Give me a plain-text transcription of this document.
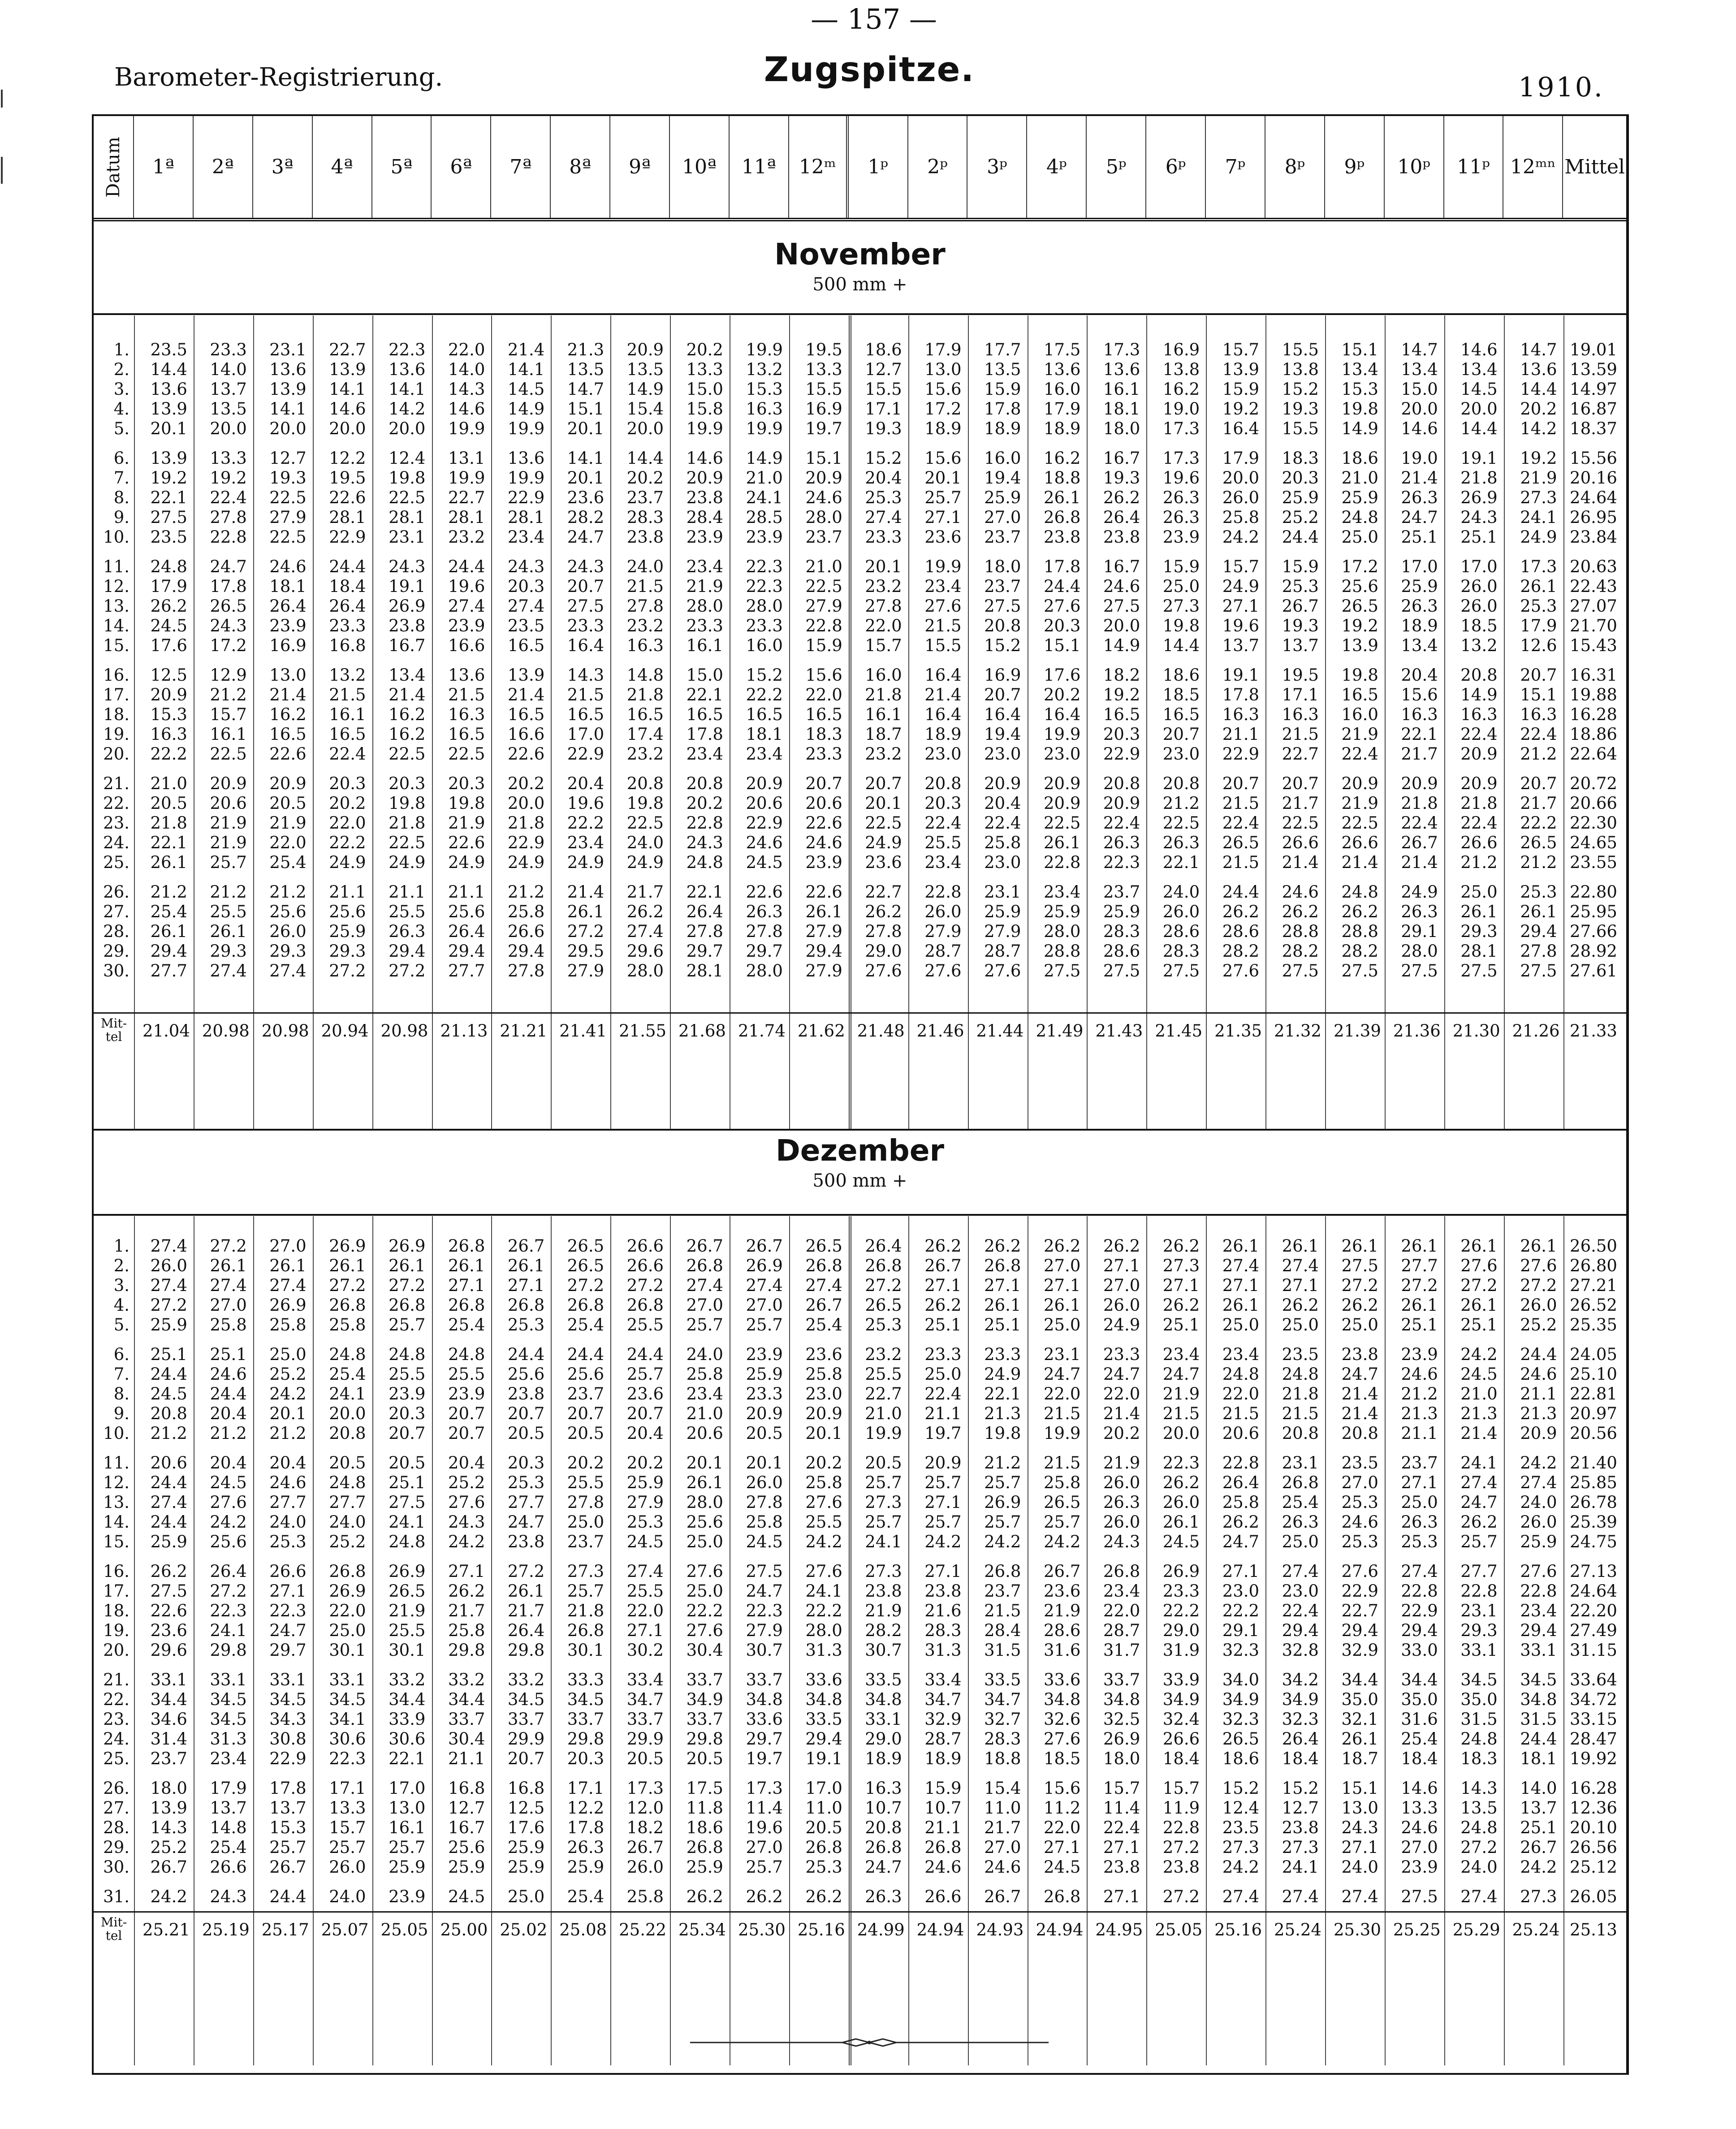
— 157 —
Barometer-Registrierung.	Zugspitze.	1910.
Datum	1ª	2ª	3ª	4ª	5ª	6ª	7ª	8ª	9ª	10ª	11ª	12ᵐ	1ᵖ	2ᵖ	3ᵖ	4ᵖ	5ᵖ	6ᵖ	7ᵖ	8ᵖ	9ᵖ	10ᵖ	11ᵖ	12ᵐⁿ Mittel
November
500 mm +
1.	23.5	23.3	23.1	22.7	22.3	22.0	21.4	21.3	20.9	20.2	19.9	19.5	18.6	17.9	17.7	17.5	17.3	16.9	15.7	15.5	15.1	14.7	14.6	14.7 19.01
2.	14.4	14.0	13.6	13.9	13.6	14.0	14.1	13.5	13.5	13.3	13.2	13.3	12.7	13.0	13.5	13.6	13.6	13.8	13.9	13.8	13.4	13.4	13.4	13.6 13.59
3.	13.6	13.7	13.9	14.1	14.1	14.3	14.5	14.7	14.9	15.0	15.3	15.5	15.5	15.6	15.9	16.0	16.1	16.2	15.9	15.2	15.3	15.0	14.5	14.4 14.97
4.	13.9	13.5	14.1	14.6	14.2	14.6	14.9	15.1	15.4	15.8	16.3	16.9	17.1	17.2	17.8	17.9	18.1	19.0	19.2	19.3	19.8	20.0	20.0	20.2 16.87
5.	20.1	20.0	20.0	20.0	20.0	19.9	19.9	20.1	20.0	19.9	19.9	19.7	19.3	18.9	18.9	18.9	18.0	17.3	16.4	15.5	14.9	14.6	14.4	14.2 18.37
6.	13.9	13.3	12.7	12.2	12.4	13.1	13.6	14.1	14.4	14.6	14.9	15.1	15.2	15.6	16.0	16.2	16.7	17.3	17.9	18.3	18.6	19.0	19.1	19.2 15.56
7.	19.2	19.2	19.3	19.5	19.8	19.9	19.9	20.1	20.2	20.9	21.0	20.9	20.4	20.1	19.4	18.8	19.3	19.6	20.0	20.3	21.0	21.4	21.8	21.9 20.16
8.	22.1	22.4	22.5	22.6	22.5	22.7	22.9	23.6	23.7	23.8	24.1	24.6	25.3	25.7	25.9	26.1	26.2	26.3	26.0	25.9	25.9	26.3	26.9	27.3 24.64
9.	27.5	27.8	27.9	28.1	28.1	28.1	28.1	28.2	28.3	28.4	28.5	28.0	27.4	27.1	27.0	26.8	26.4	26.3	25.8	25.2	24.8	24.7	24.3	24.1 26.95
10.	23.5	22.8	22.5	22.9	23.1	23.2	23.4	24.7	23.8	23.9	23.9	23.7	23.3	23.6	23.7	23.8	23.8	23.9	24.2	24.4	25.0	25.1	25.1	24.9 23.84
11.	24.8	24.7	24.6	24.4	24.3	24.4	24.3	24.3	24.0	23.4	22.3	21.0	20.1	19.9	18.0	17.8	16.7	15.9	15.7	15.9	17.2	17.0	17.0	17.3 20.63
12.	17.9	17.8	18.1	18.4	19.1	19.6	20.3	20.7	21.5	21.9	22.3	22.5	23.2	23.4	23.7	24.4	24.6	25.0	24.9	25.3	25.6	25.9	26.0	26.1 22.43
13.	26.2	26.5	26.4	26.4	26.9	27.4	27.4	27.5	27.8	28.0	28.0	27.9	27.8	27.6	27.5	27.6	27.5	27.3	27.1	26.7	26.5	26.3	26.0	25.3 27.07
14.	24.5	24.3	23.9	23.3	23.8	23.9	23.5	23.3	23.2	23.3	23.3	22.8	22.0	21.5	20.8	20.3	20.0	19.8	19.6	19.3	19.2	18.9	18.5	17.9 21.70
15.	17.6	17.2	16.9	16.8	16.7	16.6	16.5	16.4	16.3	16.1	16.0	15.9	15.7	15.5	15.2	15.1	14.9	14.4	13.7	13.7	13.9	13.4	13.2	12.6 15.43
16.	12.5	12.9	13.0	13.2	13.4	13.6	13.9	14.3	14.8	15.0	15.2	15.6	16.0	16.4	16.9	17.6	18.2	18.6	19.1	19.5	19.8	20.4	20.8	20.7 16.31
17.	20.9	21.2	21.4	21.5	21.4	21.5	21.4	21.5	21.8	22.1	22.2	22.0	21.8	21.4	20.7	20.2	19.2	18.5	17.8	17.1	16.5	15.6	14.9	15.1 19.88
18.	15.3	15.7	16.2	16.1	16.2	16.3	16.5	16.5	16.5	16.5	16.5	16.5	16.1	16.4	16.4	16.4	16.5	16.5	16.3	16.3	16.0	16.3	16.3	16.3 16.28
19.	16.3	16.1	16.5	16.5	16.2	16.5	16.6	17.0	17.4	17.8	18.1	18.3	18.7	18.9	19.4	19.9	20.3	20.7	21.1	21.5	21.9	22.1	22.4	22.4 18.86
20.	22.2	22.5	22.6	22.4	22.5	22.5	22.6	22.9	23.2	23.4	23.4	23.3	23.2	23.0	23.0	23.0	22.9	23.0	22.9	22.7	22.4	21.7	20.9	21.2 22.64
21.	21.0	20.9	20.9	20.3	20.3	20.3	20.2	20.4	20.8	20.8	20.9	20.7	20.7	20.8	20.9	20.9	20.8	20.8	20.7	20.7	20.9	20.9	20.9	20.7 20.72
22.	20.5	20.6	20.5	20.2	19.8	19.8	20.0	19.6	19.8	20.2	20.6	20.6	20.1	20.3	20.4	20.9	20.9	21.2	21.5	21.7	21.9	21.8	21.8	21.7 20.66
23.	21.8	21.9	21.9	22.0	21.8	21.9	21.8	22.2	22.5	22.8	22.9	22.6	22.5	22.4	22.4	22.5	22.4	22.5	22.4	22.5	22.5	22.4	22.4	22.2 22.30
24.	22.1	21.9	22.0	22.2	22.5	22.6	22.9	23.4	24.0	24.3	24.6	24.6	24.9	25.5	25.8	26.1	26.3	26.3	26.5	26.6	26.6	26.7	26.6	26.5 24.65
25.	26.1	25.7	25.4	24.9	24.9	24.9	24.9	24.9	24.9	24.8	24.5	23.9	23.6	23.4	23.0	22.8	22.3	22.1	21.5	21.4	21.4	21.4	21.2	21.2 23.55
26.	21.2	21.2	21.2	21.1	21.1	21.1	21.2	21.4	21.7	22.1	22.6	22.6	22.7	22.8	23.1	23.4	23.7	24.0	24.4	24.6	24.8	24.9	25.0	25.3 22.80
27.	25.4	25.5	25.6	25.6	25.5	25.6	25.8	26.1	26.2	26.4	26.3	26.1	26.2	26.0	25.9	25.9	25.9	26.0	26.2	26.2	26.2	26.3	26.1	26.1 25.95
28.	26.1	26.1	26.0	25.9	26.3	26.4	26.6	27.2	27.4	27.8	27.8	27.9	27.8	27.9	27.9	28.0	28.3	28.6	28.6	28.8	28.8	29.1	29.3	29.4 27.66
29.	29.4	29.3	29.3	29.3	29.4	29.4	29.4	29.5	29.6	29.7	29.7	29.4	29.0	28.7	28.7	28.8	28.6	28.3	28.2	28.2	28.2	28.0	28.1	27.8 28.92
30.	27.7	27.4	27.4	27.2	27.2	27.7	27.8	27.9	28.0	28.1	28.0	27.9	27.6	27.6	27.6	27.5	27.5	27.5	27.6	27.5	27.5	27.5	27.5	27.5 27.61
Mit-
tel	21.04 20.98 20.98 20.94 20.98 21.13 21.21 21.41 21.55 21.68 21.74 21.62 21.48 21.46 21.44 21.49 21.43 21.45 21.35 21.32 21.39 21.36 21.30 21.26 21.33
Dezember
500 mm +
1.	27.4	27.2	27.0	26.9	26.9	26.8	26.7	26.5	26.6	26.7	26.7	26.5	26.4	26.2	26.2	26.2	26.2	26.2	26.1	26.1	26.1	26.1	26.1	26.1 26.50
2.	26.0	26.1	26.1	26.1	26.1	26.1	26.1	26.5	26.6	26.8	26.9	26.8	26.8	26.7	26.8	27.0	27.1	27.3	27.4	27.4	27.5	27.7	27.6	27.6 26.80
3.	27.4	27.4	27.4	27.2	27.2	27.1	27.1	27.2	27.2	27.4	27.4	27.4	27.2	27.1	27.1	27.1	27.0	27.1	27.1	27.1	27.2	27.2	27.2	27.2 27.21
4.	27.2	27.0	26.9	26.8	26.8	26.8	26.8	26.8	26.8	27.0	27.0	26.7	26.5	26.2	26.1	26.1	26.0	26.2	26.1	26.2	26.2	26.1	26.1	26.0 26.52
5.	25.9	25.8	25.8	25.8	25.7	25.4	25.3	25.4	25.5	25.7	25.7	25.4	25.3	25.1	25.1	25.0	24.9	25.1	25.0	25.0	25.0	25.1	25.1	25.2 25.35
6.	25.1	25.1	25.0	24.8	24.8	24.8	24.4	24.4	24.4	24.0	23.9	23.6	23.2	23.3	23.3	23.1	23.3	23.4	23.4	23.5	23.8	23.9	24.2	24.4 24.05
7.	24.4	24.6	25.2	25.4	25.5	25.5	25.6	25.6	25.7	25.8	25.9	25.8	25.5	25.0	24.9	24.7	24.7	24.7	24.8	24.8	24.7	24.6	24.5	24.6 25.10
8.	24.5	24.4	24.2	24.1	23.9	23.9	23.8	23.7	23.6	23.4	23.3	23.0	22.7	22.4	22.1	22.0	22.0	21.9	22.0	21.8	21.4	21.2	21.0	21.1 22.81
9.	20.8	20.4	20.1	20.0	20.3	20.7	20.7	20.7	20.7	21.0	20.9	20.9	21.0	21.1	21.3	21.5	21.4	21.5	21.5	21.5	21.4	21.3	21.3	21.3 20.97
10.	21.2	21.2	21.2	20.8	20.7	20.7	20.5	20.5	20.4	20.6	20.5	20.1	19.9	19.7	19.8	19.9	20.2	20.0	20.6	20.8	20.8	21.1	21.4	20.9 20.56
11.	20.6	20.4	20.4	20.5	20.5	20.4	20.3	20.2	20.2	20.1	20.1	20.2	20.5	20.9	21.2	21.5	21.9	22.3	22.8	23.1	23.5	23.7	24.1	24.2 21.40
12.	24.4	24.5	24.6	24.8	25.1	25.2	25.3	25.5	25.9	26.1	26.0	25.8	25.7	25.7	25.7	25.8	26.0	26.2	26.4	26.8	27.0	27.1	27.4	27.4 25.85
13.	27.4	27.6	27.7	27.7	27.5	27.6	27.7	27.8	27.9	28.0	27.8	27.6	27.3	27.1	26.9	26.5	26.3	26.0	25.8	25.4	25.3	25.0	24.7	24.0 26.78
14.	24.4	24.2	24.0	24.0	24.1	24.3	24.7	25.0	25.3	25.6	25.8	25.5	25.7	25.7	25.7	25.7	26.0	26.1	26.2	26.3	24.6	26.3	26.2	26.0 25.39
15.	25.9	25.6	25.3	25.2	24.8	24.2	23.8	23.7	24.5	25.0	24.5	24.2	24.1	24.2	24.2	24.2	24.3	24.5	24.7	25.0	25.3	25.3	25.7	25.9 24.75
16.	26.2	26.4	26.6	26.8	26.9	27.1	27.2	27.3	27.4	27.6	27.5	27.6	27.3	27.1	26.8	26.7	26.8	26.9	27.1	27.4	27.6	27.4	27.7	27.6 27.13
17.	27.5	27.2	27.1	26.9	26.5	26.2	26.1	25.7	25.5	25.0	24.7	24.1	23.8	23.8	23.7	23.6	23.4	23.3	23.0	23.0	22.9	22.8	22.8	22.8 24.64
18.	22.6	22.3	22.3	22.0	21.9	21.7	21.7	21.8	22.0	22.2	22.3	22.2	21.9	21.6	21.5	21.9	22.0	22.2	22.2	22.4	22.7	22.9	23.1	23.4 22.20
19.	23.6	24.1	24.7	25.0	25.5	25.8	26.4	26.8	27.1	27.6	27.9	28.0	28.2	28.3	28.4	28.6	28.7	29.0	29.1	29.4	29.4	29.4	29.3	29.4 27.49
20.	29.6	29.8	29.7	30.1	30.1	29.8	29.8	30.1	30.2	30.4	30.7	31.3	30.7	31.3	31.5	31.6	31.7	31.9	32.3	32.8	32.9	33.0	33.1	33.1 31.15
21.	33.1	33.1	33.1	33.1	33.2	33.2	33.2	33.3	33.4	33.7	33.7	33.6	33.5	33.4	33.5	33.6	33.7	33.9	34.0	34.2	34.4	34.4	34.5	34.5 33.64
22.	34.4	34.5	34.5	34.5	34.4	34.4	34.5	34.5	34.7	34.9	34.8	34.8	34.8	34.7	34.7	34.8	34.8	34.9	34.9	34.9	35.0	35.0	35.0	34.8 34.72
23.	34.6	34.5	34.3	34.1	33.9	33.7	33.7	33.7	33.7	33.7	33.6	33.5	33.1	32.9	32.7	32.6	32.5	32.4	32.3	32.3	32.1	31.6	31.5	31.5 33.15
24.	31.4	31.3	30.8	30.6	30.6	30.4	29.9	29.8	29.9	29.8	29.7	29.4	29.0	28.7	28.3	27.6	26.9	26.6	26.5	26.4	26.1	25.4	24.8	24.4 28.47
25.	23.7	23.4	22.9	22.3	22.1	21.1	20.7	20.3	20.5	20.5	19.7	19.1	18.9	18.9	18.8	18.5	18.0	18.4	18.6	18.4	18.7	18.4	18.3	18.1 19.92
26.	18.0	17.9	17.8	17.1	17.0	16.8	16.8	17.1	17.3	17.5	17.3	17.0	16.3	15.9	15.4	15.6	15.7	15.7	15.2	15.2	15.1	14.6	14.3	14.0 16.28
27.	13.9	13.7	13.7	13.3	13.0	12.7	12.5	12.2	12.0	11.8	11.4	11.0	10.7	10.7	11.0	11.2	11.4	11.9	12.4	12.7	13.0	13.3	13.5	13.7 12.36
28.	14.3	14.8	15.3	15.7	16.1	16.7	17.6	17.8	18.2	18.6	19.6	20.5	20.8	21.1	21.7	22.0	22.4	22.8	23.5	23.8	24.3	24.6	24.8	25.1 20.10
29.	25.2	25.4	25.7	25.7	25.7	25.6	25.9	26.3	26.7	26.8	27.0	26.8	26.8	26.8	27.0	27.1	27.1	27.2	27.3	27.3	27.1	27.0	27.2	26.7 26.56
30.	26.7	26.6	26.7	26.0	25.9	25.9	25.9	25.9	26.0	25.9	25.7	25.3	24.7	24.6	24.6	24.5	23.8	23.8	24.2	24.1	24.0	23.9	24.0	24.2 25.12
31.	24.2	24.3	24.4	24.0	23.9	24.5	25.0	25.4	25.8	26.2	26.2	26.2	26.3	26.6	26.7	26.8	27.1	27.2	27.4	27.4	27.4	27.5	27.4	27.3 26.05
Mit-
tel	25.21 25.19 25.17 25.07 25.05 25.00 25.02 25.08 25.22 25.34 25.30 25.16 24.99 24.94 24.93 24.94 24.95 25.05 25.16 25.24 25.30 25.25 25.29 25.24 25.13
